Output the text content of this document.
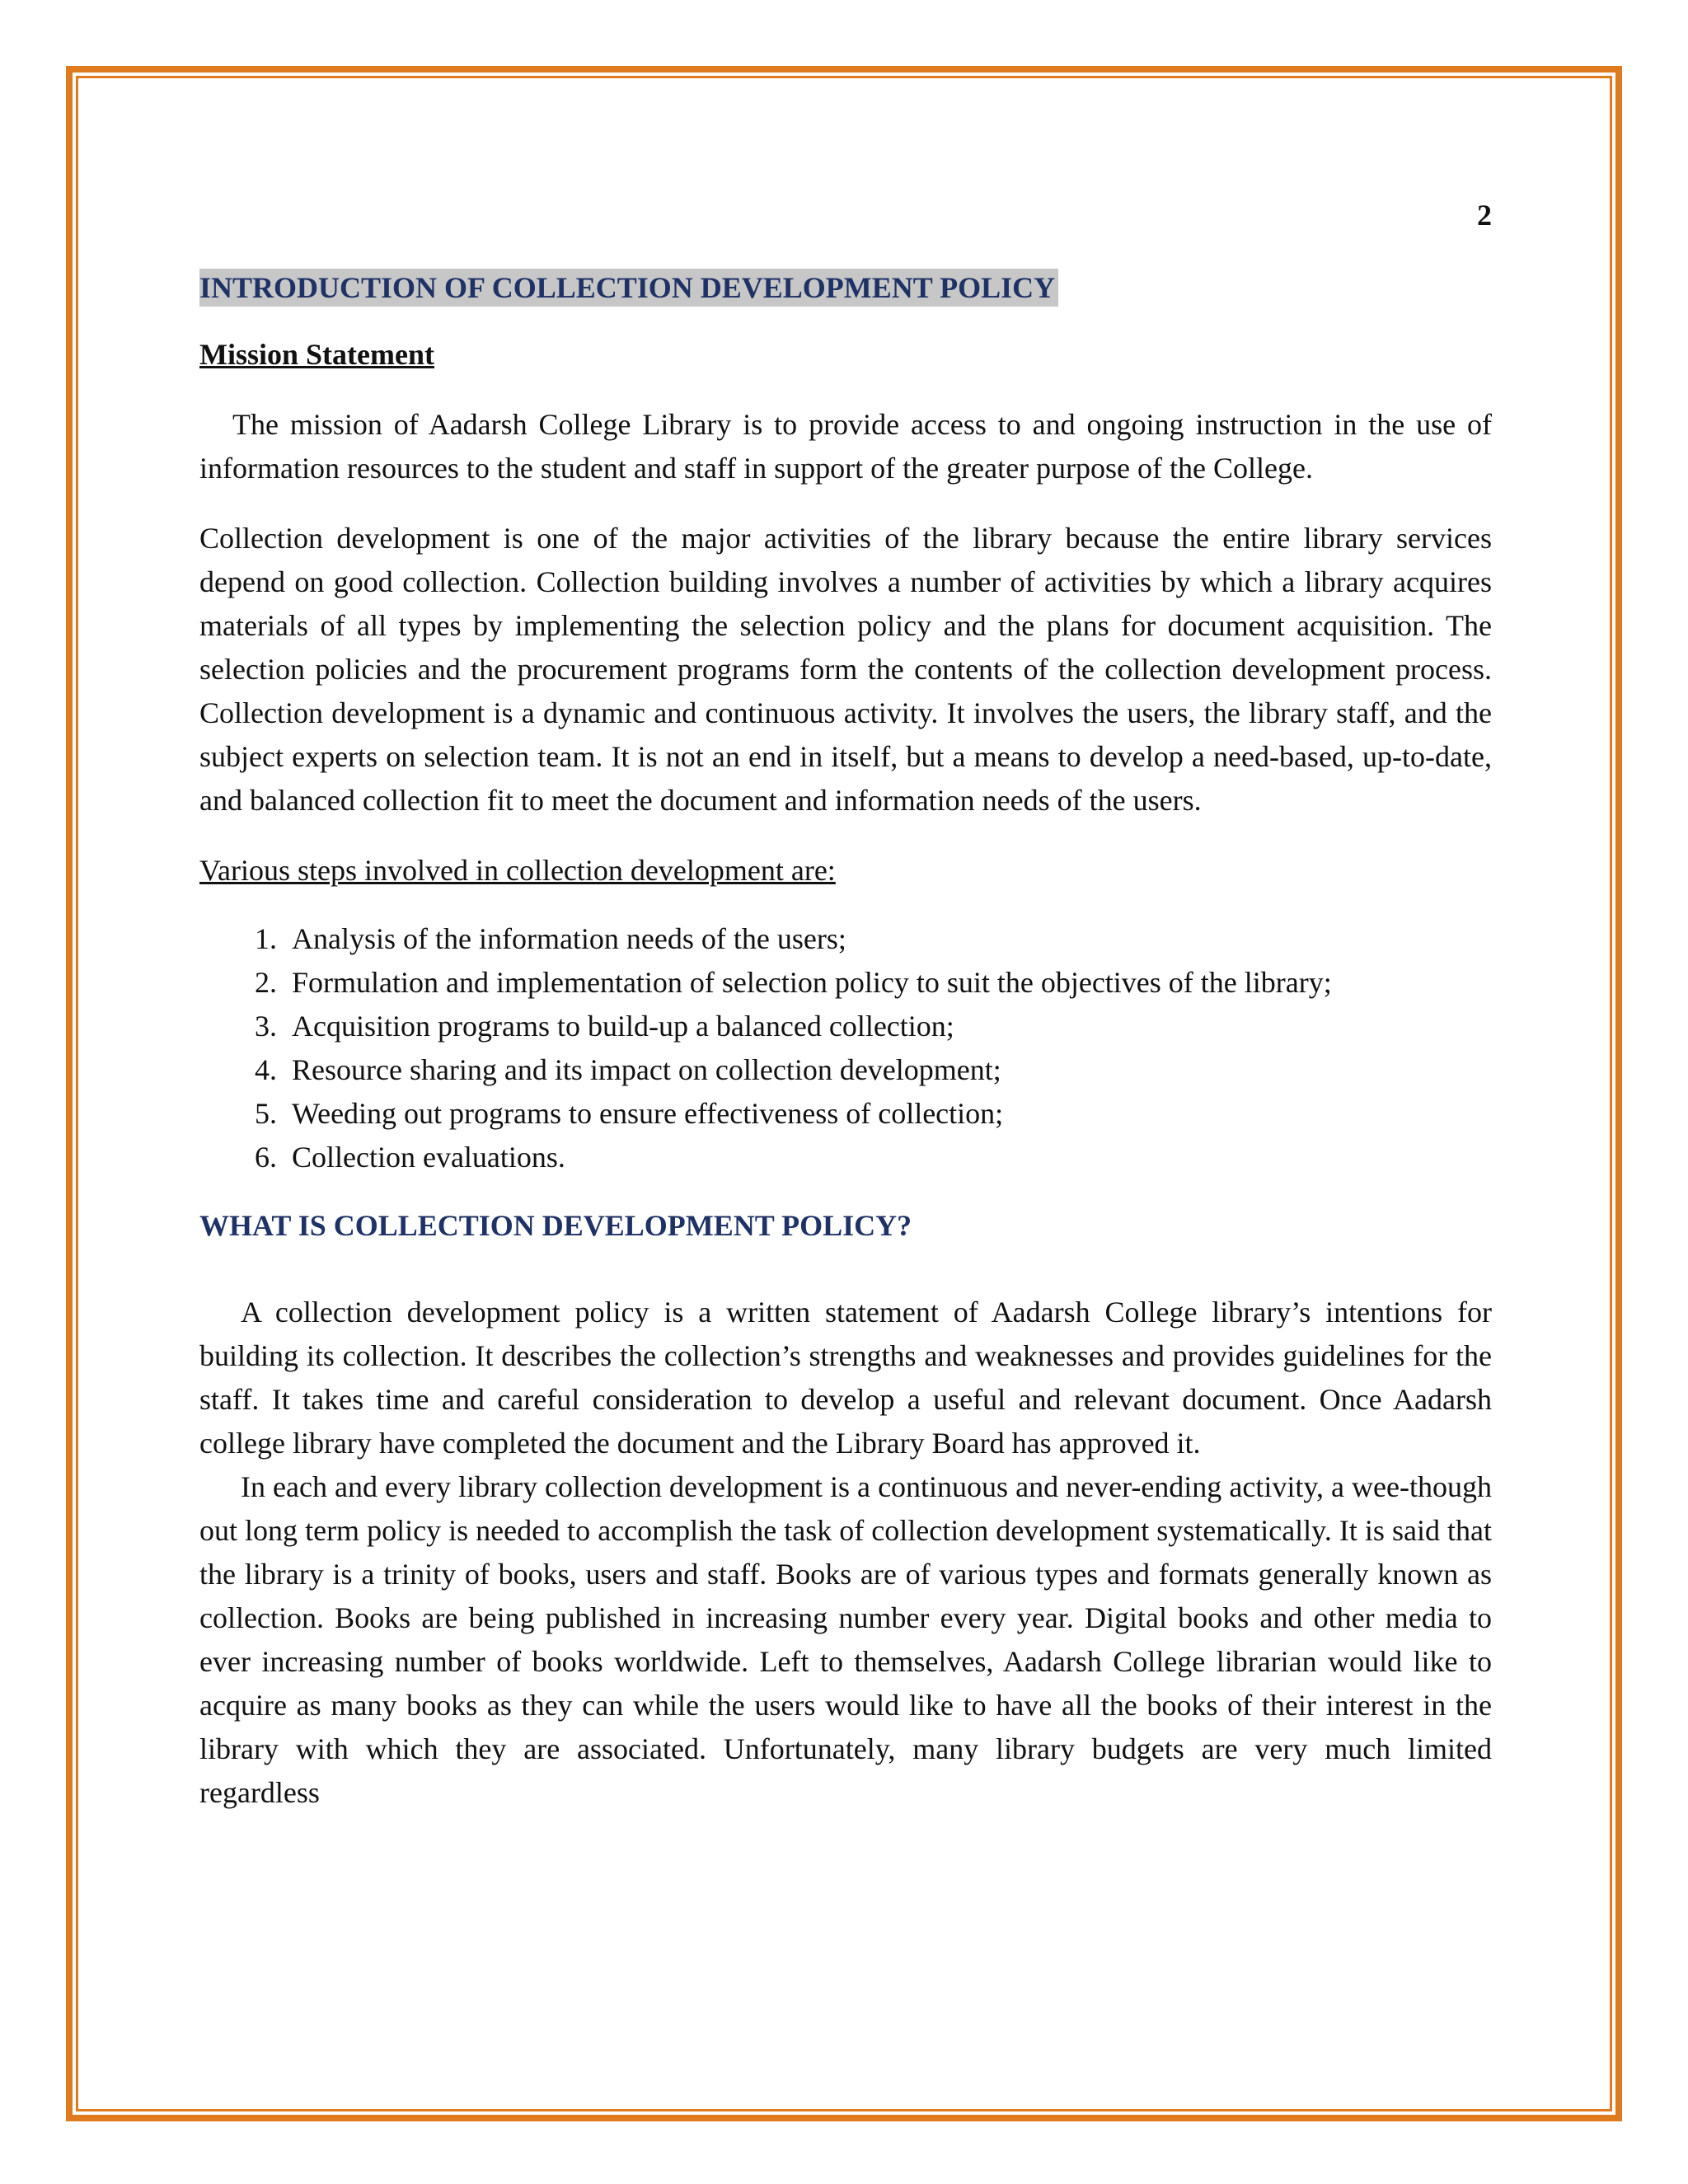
2
INTRODUCTION OF COLLECTION DEVELOPMENT POLICY
Mission Statement

The mission of Aadarsh College Library is to provide access to and ongoing instruction in the use of information resources to the student and staff in support of the greater purpose of the College.

Collection development is one of the major activities of the library because the entire library services depend on good collection. Collection building involves a number of activities by which a library acquires materials of all types by implementing the selection policy and the plans for document acquisition. The selection policies and the procurement programs form the contents of the collection development process. Collection development is a dynamic and continuous activity. It involves the users, the library staff, and the subject experts on selection team. It is not an end in itself, but a means to develop a need-based, up-to-date, and balanced collection fit to meet the document and information needs of the users.

Various steps involved in collection development are:
1. Analysis of the information needs of the users;
2. Formulation and implementation of selection policy to suit the objectives of the library;
3. Acquisition programs to build-up a balanced collection;
4. Resource sharing and its impact on collection development;
5. Weeding out programs to ensure effectiveness of collection;
6. Collection evaluations.
WHAT IS COLLECTION DEVELOPMENT POLICY?

A collection development policy is a written statement of Aadarsh College library’s intentions for building its collection. It describes the collection’s strengths and weaknesses and provides guidelines for the staff. It takes time and careful consideration to develop a useful and relevant document. Once Aadarsh college library have completed the document and the Library Board has approved it.

In each and every library collection development is a continuous and never-ending activity, a wee-though out long term policy is needed to accomplish the task of collection development systematically. It is said that the library is a trinity of books, users and staff. Books are of various types and formats generally known as collection. Books are being published in increasing number every year. Digital books and other media to ever increasing number of books worldwide. Left to themselves, Aadarsh College librarian would like to acquire as many books as they can while the users would like to have all the books of their interest in the library with which they are associated. Unfortunately, many library budgets are very much limited regardless
